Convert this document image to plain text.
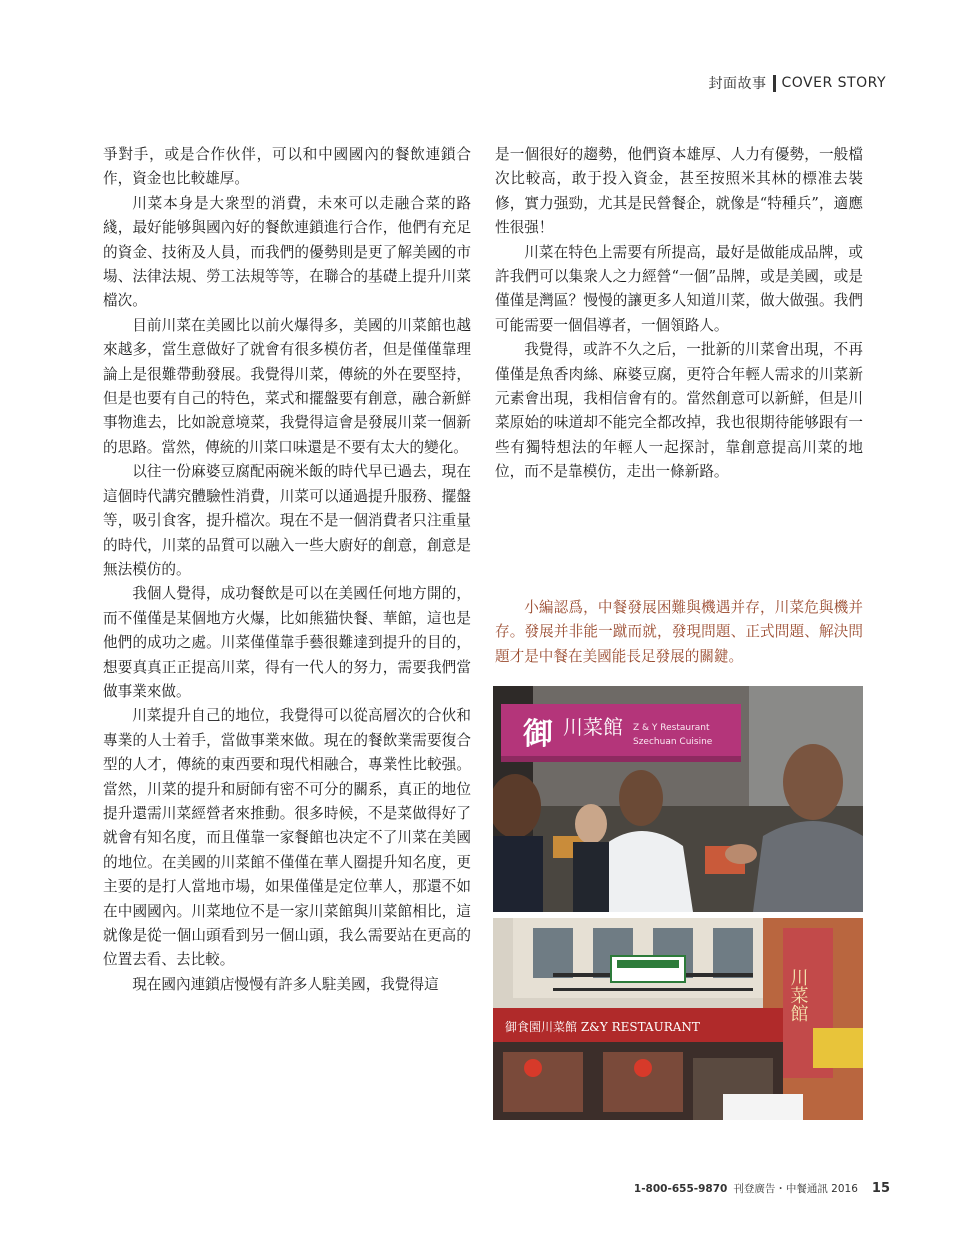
封面故事 COVER STORY

爭對手，或是合作伙伴，可以和中國國內的餐飲連鎖合作，資金也比較雄厚。

川菜本身是大衆型的消費，未來可以走融合菜的路綫，最好能够與國內好的餐飲連鎖進行合作，他們有充足的資金、技術及人員，而我們的優勢則是更了解美國的市場、法律法規、勞工法規等等，在聯合的基礎上提升川菜檔次。

目前川菜在美國比以前火爆得多，美國的川菜館也越來越多，當生意做好了就會有很多模仿者，但是僅僅靠理論上是很難帶動發展。我覺得川菜，傳統的外在要堅持，但是也要有自己的特色，菜式和擺盤要有創意，融合新鮮事物進去，比如說意境菜，我覺得這會是發展川菜一個新的思路。當然，傳統的川菜口味還是不要有太大的變化。

以往一份麻婆豆腐配兩碗米飯的時代早已過去，現在這個時代講究體驗性消費，川菜可以通過提升服務、擺盤等，吸引食客，提升檔次。現在不是一個消費者只注重量的時代，川菜的品質可以融入一些大廚好的創意，創意是無法模仿的。

我個人覺得，成功餐飲是可以在美國任何地方開的，而不僅僅是某個地方火爆，比如熊猫快餐、華館，這也是他們的成功之處。川菜僅僅靠手藝很難達到提升的目的，想要真真正正提高川菜，得有一代人的努力，需要我們當做事業來做。

川菜提升自己的地位，我覺得可以從高層次的合伙和專業的人士着手，當做事業來做。現在的餐飲業需要復合型的人才，傳統的東西要和現代相融合，專業性比較强。當然，川菜的提升和厨師有密不可分的關系，真正的地位提升還需川菜經營者來推動。很多時候，不是菜做得好了就會有知名度，而且僅靠一家餐館也决定不了川菜在美國的地位。在美國的川菜館不僅僅在華人圈提升知名度，更主要的是打人當地市場，如果僅僅是定位華人，那還不如在中國國內。川菜地位不是一家川菜館與川菜館相比，這就像是從一個山頭看到另一個山頭，我么需要站在更高的位置去看、去比較。

現在國內連鎖店慢慢有許多人駐美國，我覺得這

是一個很好的趨勢，他們資本雄厚、人力有優勢，一般檔次比較高，敢于投入資金，甚至按照米其林的標准去裝修，實力强勁，尤其是民營餐企，就像是“特種兵”，適應性很强！

川菜在特色上需要有所提高，最好是做能成品牌，或許我們可以集衆人之力經營“一個”品牌，或是美國，或是僅僅是灣區？慢慢的讓更多人知道川菜，做大做强。我們可能需要一個倡導者，一個領路人。

我覺得，或許不久之后，一批新的川菜會出現，不再僅僅是魚香肉絲、麻婆豆腐，更符合年輕人需求的川菜新元素會出現，我相信會有的。當然創意可以新鮮，但是川菜原始的味道却不能完全都改掉，我也很期待能够跟有一些有獨特想法的年輕人一起探討，靠創意提高川菜的地位，而不是靠模仿，走出一條新路。

小編認爲，中餐發展困難與機遇并存，川菜危與機并存。發展并非能一蹴而就，發現問題、正式問題、解決問題才是中餐在美國能長足發展的關鍵。

御 川菜館 Z & Y Restaurant
Szechuan Cuisine
川菜館
御食園川菜館 Z&Y RESTAURANT
1-800-655-9870 刊登廣告・中餐通訊 2016 15
